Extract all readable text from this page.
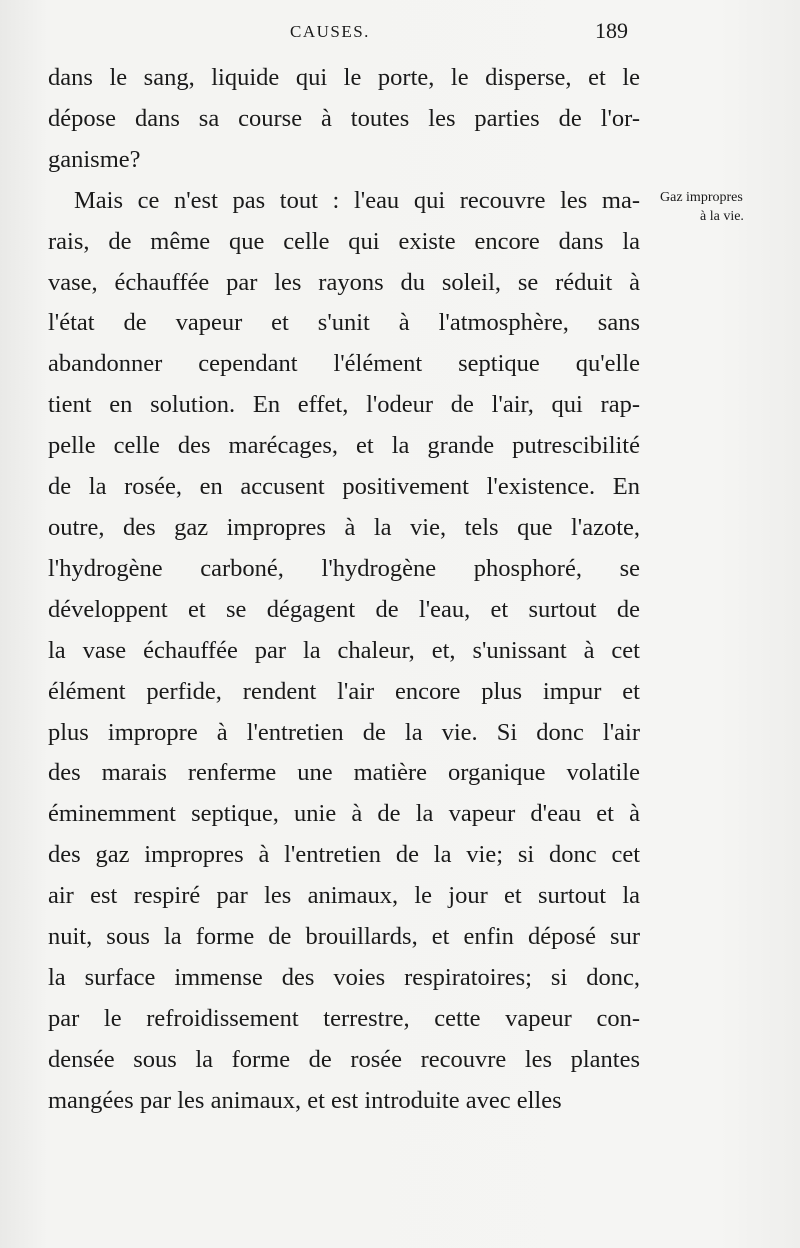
CAUSES.	189
dans le sang, liquide qui le porte, le disperse, et le
dépose dans sa course à toutes les parties de l'or-
ganisme?
Mais ce n'est pas tout : l'eau qui recouvre les ma-
rais, de même que celle qui existe encore dans la
vase, échauffée par les rayons du soleil, se réduit à
l'état de vapeur et s'unit à l'atmosphère, sans
abandonner cependant l'élément septique qu'elle
tient en solution. En effet, l'odeur de l'air, qui rap-
pelle celle des marécages, et la grande putrescibilité
de la rosée, en accusent positivement l'existence. En
outre, des gaz impropres à la vie, tels que l'azote,
l'hydrogène carboné, l'hydrogène phosphoré, se
développent et se dégagent de l'eau, et surtout de
la vase échauffée par la chaleur, et, s'unissant à cet
élément perfide, rendent l'air encore plus impur et
plus impropre à l'entretien de la vie. Si donc l'air
des marais renferme une matière organique volatile
éminemment septique, unie à de la vapeur d'eau et à
des gaz impropres à l'entretien de la vie; si donc cet
air est respiré par les animaux, le jour et surtout la
nuit, sous la forme de brouillards, et enfin déposé sur
la surface immense des voies respiratoires; si donc,
par le refroidissement terrestre, cette vapeur con-
densée sous la forme de rosée recouvre les plantes
mangées par les animaux, et est introduite avec elles
Gaz impropres
à la vie.
